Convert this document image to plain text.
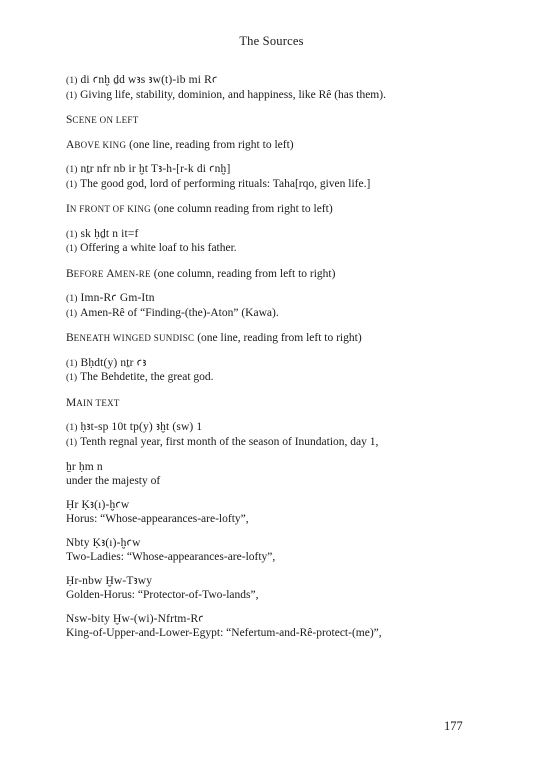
The Sources
(1) di ꜥnḫ ḏd wꜣs ꜣw(t)-ib mi Rꜥ
(1) Giving life, stability, dominion, and happiness, like Rê (has them).
SCENE ON LEFT
ABOVE KING (one line, reading from right to left)
(1) nṯr nfr nb ir ḫt Tꜣ-h-[r-k di ꜥnḫ]
(1) The good god, lord of performing rituals: Taha[rqo, given life.]
IN FRONT OF KING (one column reading from right to left)
(1) sk ḥḏt n it=f
(1) Offering a white loaf to his father.
BEFORE AMEN-RE (one column, reading from left to right)
(1) Imn-Rꜥ Gm-Itn
(1) Amen-Rê of “Finding-(the)-Aton” (Kawa).
BENEATH WINGED SUNDISC (one line, reading from left to right)
(1) Bḥdt(y) nṯr ꜥꜣ
(1) The Behdetite, the great god.
MAIN TEXT
(1) ḥꜣt-sp 10t tp(y) ꜣḫt (sw) 1
(1) Tenth regnal year, first month of the season of Inundation, day 1,
ẖr ḥm n
under the majesty of
Ḥr Ḳꜣ(ı)-ḫꜥw
Horus: “Whose-appearances-are-lofty”,
Nbty Ḳꜣ(ı)-ḫꜥw
Two-Ladies: “Whose-appearances-are-lofty”,
Ḥr-nbw Ḫw-Tꜣwy
Golden-Horus: “Protector-of-Two-lands”,
Nsw-bity Ḫw-(wi)-Nfrtm-Rꜥ
King-of-Upper-and-Lower-Egypt: “Nefertum-and-Rê-protect-(me)”,
177
